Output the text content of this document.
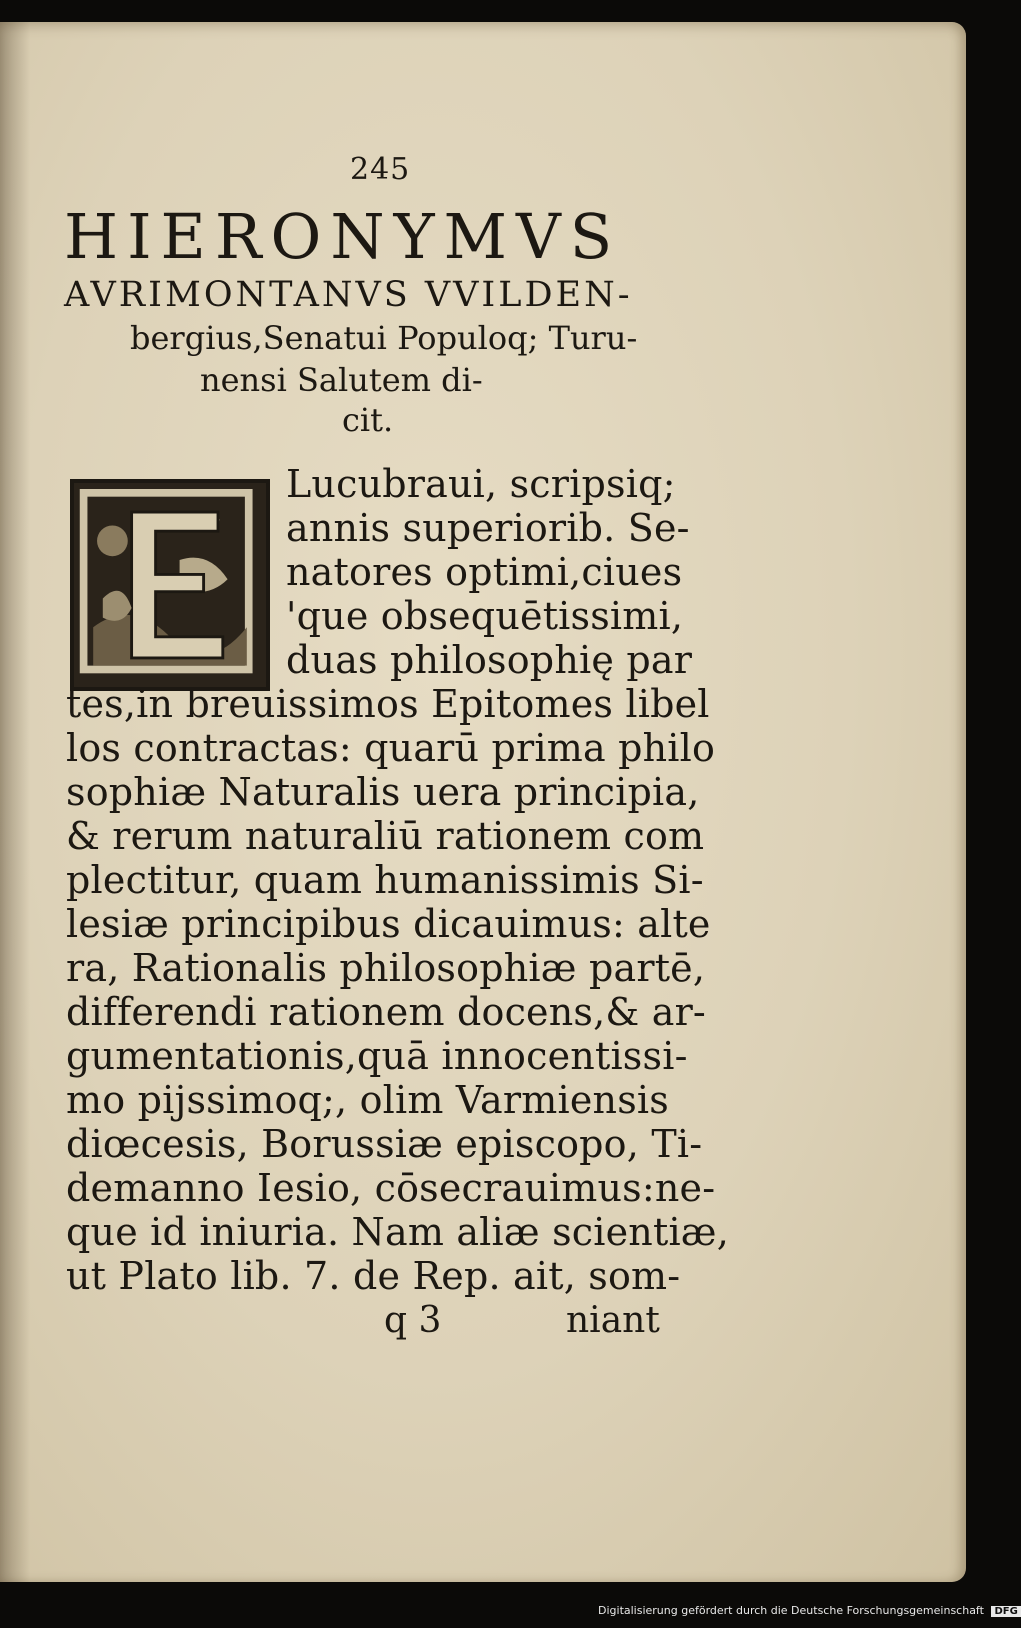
245
HIERONYMVS
AVRIMONTANVS VVILDEN-
bergius,Senatui Populoq; Turu-
nensi Salutem di-
cit.
Lucubraui, scripsiq;
annis superiorib. Se-
natores optimi,ciues
'que obsequētissimi,
duas philosophię par
tes,in breuissimos Epitomes libel
los contractas: quarū prima philo
sophiæ Naturalis uera principia,
& rerum naturaliū rationem com
plectitur, quam humanissimis Si-
lesiæ principibus dicauimus: alte
ra, Rationalis philosophiæ partē,
differendi rationem docens,& ar-
gumentationis,quā innocentissi-
mo pijssimoq;, olim Varmiensis
diœcesis, Borussiæ episcopo, Ti-
demanno Iesio, cōsecrauimus:ne-
que id iniuria. Nam aliæ scientiæ,
ut Plato lib. 7. de Rep. ait, som-
q 3	niant
Digitalisierung gefördert durch die Deutsche Forschungsgemeinschaft DFG
